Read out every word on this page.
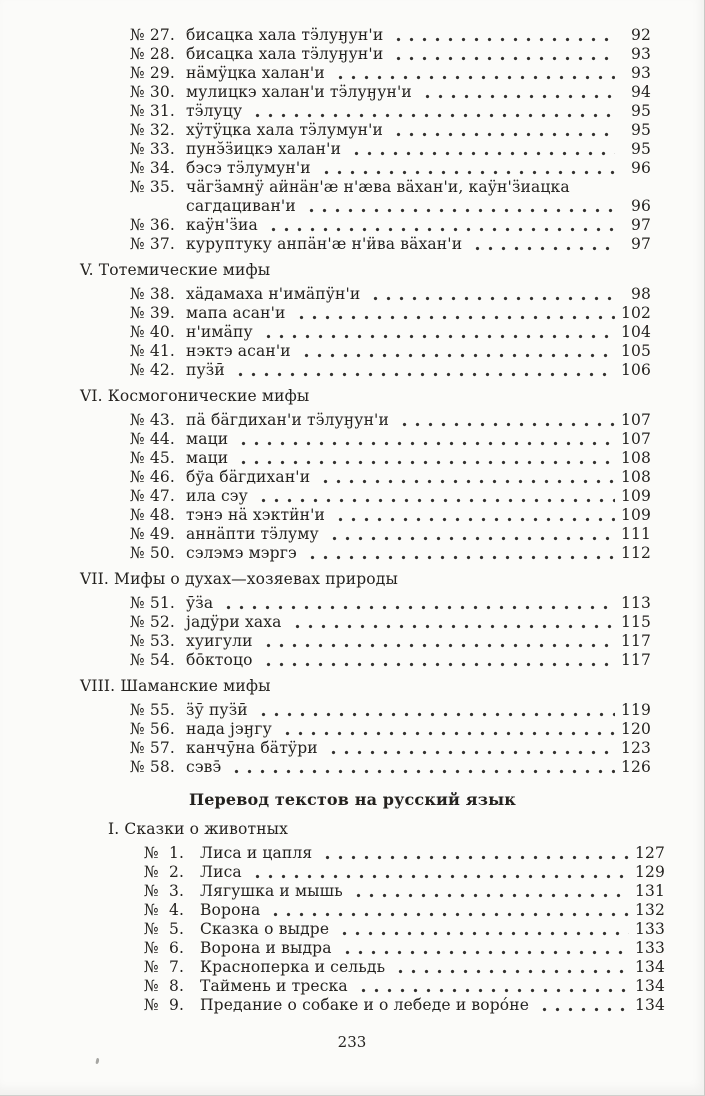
№ 27. бисацка хала тӭлуӈун'и	92
№ 28. бисацка хала тӭлуӈун'и	93
№ 29. нӓмӱцка халан'и	93
№ 30. мулицкэ халан'и тӭлуӈун'и	94
№ 31. тӭлуцу	95
№ 32. хӱтӱцка хала тӭлумун'и	95
№ 33. пунэ̆ӟицкэ халан'и	95
№ 34. бэсэ тӭлумун'и	96
№ 35. чӓгӟамнӱ аӥнӓн'æ н'æва вӓхан'и, каӱн'ӟиацка
сагдациван'и	96
№ 36. каӱн'ӟиа	97
№ 37. куруптуку анпӓн'æ н'ӥва вӓхан'и	97
V. Тотемические мифы
№ 38. хӓдамаха н'имӓпӱн'и	98
№ 39. мапа асан'и	102
№ 40. н'имӓпу	104
№ 41. нэктэ асан'и	105
№ 42. пуӟӣ	106
VI. Космогонические мифы
№ 43. пӓ бӓгдихан'и тӭлуӈун'и	107
№ 44. маци	107
№ 45. маци	108
№ 46. бўа бӓгдихан'и	108
№ 47. ила сэу	109
№ 48. тэнэ нӓ хэктӥн'и	109
№ 49. аннӓпти тӭлуму	111
№ 50. сэлэмэ мэргэ	112
VII. Мифы о духах—хозяевах природы
№ 51. ӯӟа	113
№ 52. јадӱри хаха	115
№ 53. хуигули	117
№ 54. бо̄ктоцо	117
VIII. Шаманские мифы
№ 55. ӟӯ пуӟӣ	119
№ 56. нада јэӈгу	120
№ 57. канчӯна бӓтӱри	123
№ 58. сэвэ̄	126
Перевод текстов на русский язык
I. Сказки о животных
№  1.	Лиса и цапля	127
№  2.	Лиса	129
№  3.	Лягушка и мышь	131
№  4.	Ворона	132
№  5.	Сказка о выдре	133
№  6.	Ворона и выдра	133
№  7.	Красноперка и сельдь	134
№  8.	Таймень и треска	134
№  9.	Предание о собаке и о лебеде и воро́не	134
233
